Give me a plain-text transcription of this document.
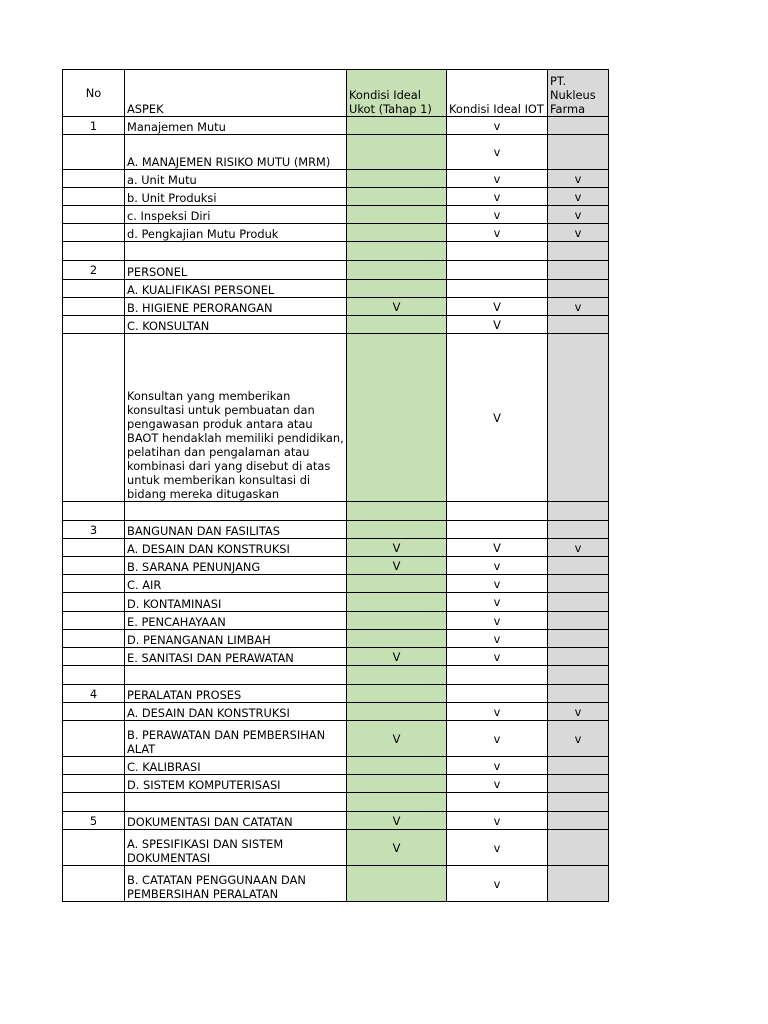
No	ASPEK	Kondisi Ideal Ukot (Tahap 1)	Kondisi Ideal IOT	PT. Nukleus Farma

1	Manajemen Mutu		v	
	A. MANAJEMEN RISIKO MUTU (MRM)		v	
	a. Unit Mutu		v	v
	b. Unit Produksi		v	v
	c. Inspeksi Diri		v	v
	d. Pengkajian Mutu Produk		v	v

2	PERSONEL			
	A. KUALIFIKASI PERSONEL			
	B. HIGIENE PERORANGAN	V	V	v
	C. KONSULTAN		V	
	Konsultan yang memberikan konsultasi untuk pembuatan dan pengawasan produk antara atau BAOT hendaklah memiliki pendidikan, pelatihan dan pengalaman atau kombinasi dari yang disebut di atas untuk memberikan konsultasi di bidang mereka ditugaskan		V	

3	BANGUNAN DAN FASILITAS			
	A. DESAIN DAN KONSTRUKSI	V	V	v
	B. SARANA PENUNJANG	V	v	
	C. AIR		v	
	D. KONTAMINASI		v	
	E. PENCAHAYAAN		v	
	D. PENANGANAN LIMBAH		v	
	E. SANITASI DAN PERAWATAN	V	v	

4	PERALATAN PROSES			
	A. DESAIN DAN KONSTRUKSI		v	v
	B. PERAWATAN DAN PEMBERSIHAN ALAT	V	v	v
	C. KALIBRASI		v	
	D. SISTEM KOMPUTERISASI		v	

5	DOKUMENTASI DAN CATATAN	V	v	
	A. SPESIFIKASI DAN SISTEM DOKUMENTASI	V	v	
	B. CATATAN PENGGUNAAN DAN PEMBERSIHAN PERALATAN		v	
